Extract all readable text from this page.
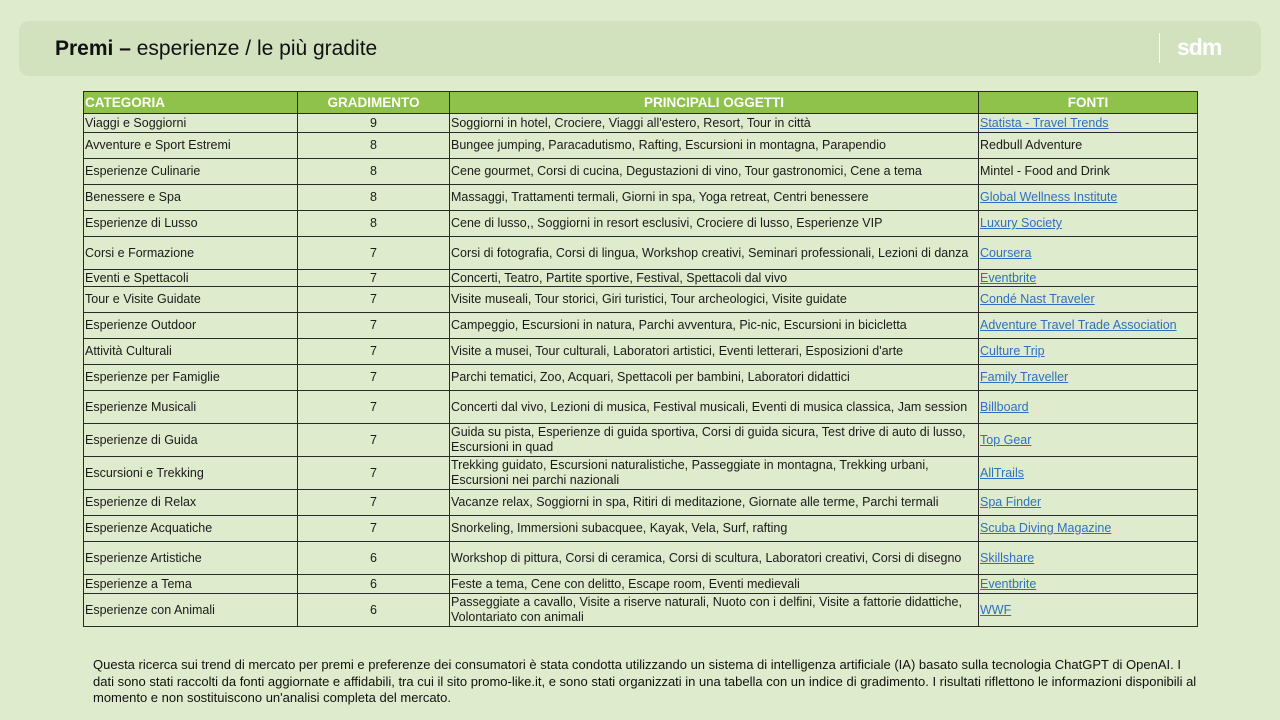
Premi – esperienze / le più gradite	sdm
CATEGORIA	GRADIMENTO	PRINCIPALI OGGETTI	FONTI
Viaggi e Soggiorni	9	Soggiorni in hotel, Crociere, Viaggi all'estero, Resort, Tour in città	Statista - Travel Trends
Avventure e Sport Estremi	8	Bungee jumping, Paracadutismo, Rafting, Escursioni in montagna, Parapendio	Redbull Adventure
Esperienze Culinarie	8	Cene gourmet, Corsi di cucina, Degustazioni di vino, Tour gastronomici, Cene a tema	Mintel - Food and Drink
Benessere e Spa	8	Massaggi, Trattamenti termali, Giorni in spa, Yoga retreat, Centri benessere	Global Wellness Institute
Esperienze di Lusso	8	Cene di lusso,, Soggiorni in resort esclusivi, Crociere di lusso, Esperienze VIP	Luxury Society
Corsi e Formazione	7	Corsi di fotografia, Corsi di lingua, Workshop creativi, Seminari professionali, Lezioni di danza	Coursera
Eventi e Spettacoli	7	Concerti, Teatro, Partite sportive, Festival, Spettacoli dal vivo	Eventbrite
Tour e Visite Guidate	7	Visite museali, Tour storici, Giri turistici, Tour archeologici, Visite guidate	Condé Nast Traveler
Esperienze Outdoor	7	Campeggio, Escursioni in natura, Parchi avventura, Pic-nic, Escursioni in bicicletta	Adventure Travel Trade Association
Attività Culturali	7	Visite a musei, Tour culturali, Laboratori artistici, Eventi letterari, Esposizioni d'arte	Culture Trip
Esperienze per Famiglie	7	Parchi tematici, Zoo, Acquari, Spettacoli per bambini, Laboratori didattici	Family Traveller
Esperienze Musicali	7	Concerti dal vivo, Lezioni di musica, Festival musicali, Eventi di musica classica, Jam session	Billboard
Esperienze di Guida	7	Guida su pista, Esperienze di guida sportiva, Corsi di guida sicura, Test drive di auto di lusso, Escursioni in quad	Top Gear
Escursioni e Trekking	7	Trekking guidato, Escursioni naturalistiche, Passeggiate in montagna, Trekking urbani, Escursioni nei parchi nazionali	AllTrails
Esperienze di Relax	7	Vacanze relax, Soggiorni in spa, Ritiri di meditazione, Giornate alle terme, Parchi termali	Spa Finder
Esperienze Acquatiche	7	Snorkeling, Immersioni subacquee, Kayak, Vela, Surf, rafting	Scuba Diving Magazine
Esperienze Artistiche	6	Workshop di pittura, Corsi di ceramica, Corsi di scultura, Laboratori creativi, Corsi di disegno	Skillshare
Esperienze a Tema	6	Feste a tema, Cene con delitto, Escape room, Eventi medievali	Eventbrite
Esperienze con Animali	6	Passeggiate a cavallo, Visite a riserve naturali, Nuoto con i delfini, Visite a fattorie didattiche, Volontariato con animali	WWF
Questa ricerca sui trend di mercato per premi e preferenze dei consumatori è stata condotta utilizzando un sistema di intelligenza artificiale (IA) basato sulla tecnologia ChatGPT di OpenAI. I dati sono stati raccolti da fonti aggiornate e affidabili, tra cui il sito promo-like.it, e sono stati organizzati in una tabella con un indice di gradimento. I risultati riflettono le informazioni disponibili al momento e non sostituiscono un'analisi completa del mercato.
